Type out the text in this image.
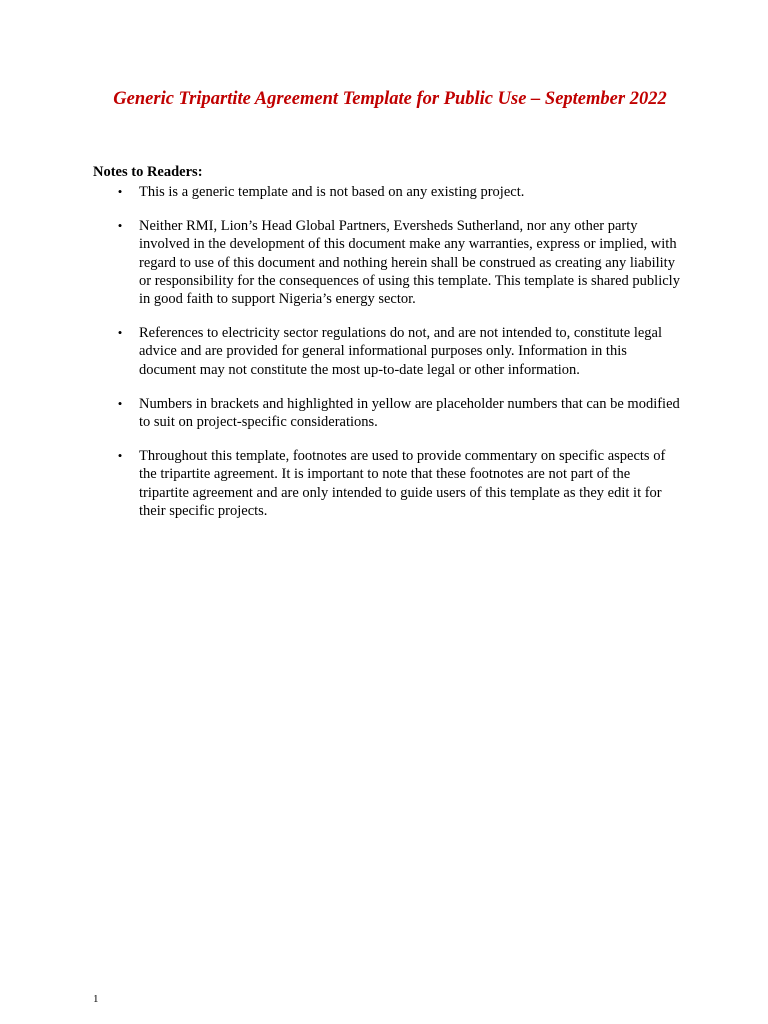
Generic Tripartite Agreement Template for Public Use – September 2022

Notes to Readers:

• This is a generic template and is not based on any existing project.
• Neither RMI, Lion’s Head Global Partners, Eversheds Sutherland, nor any other party involved in the development of this document make any warranties, express or implied, with regard to use of this document and nothing herein shall be construed as creating any liability or responsibility for the consequences of using this template. This template is shared publicly in good faith to support Nigeria’s energy sector.
• References to electricity sector regulations do not, and are not intended to, constitute legal advice and are provided for general informational purposes only. Information in this document may not constitute the most up-to-date legal or other information.
• Numbers in brackets and highlighted in yellow are placeholder numbers that can be modified to suit on project-specific considerations.
• Throughout this template, footnotes are used to provide commentary on specific aspects of the tripartite agreement. It is important to note that these footnotes are not part of the tripartite agreement and are only intended to guide users of this template as they edit it for their specific projects.

1
